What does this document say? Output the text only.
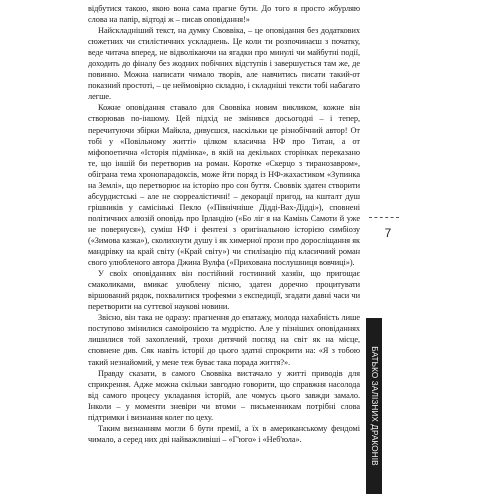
відбутися такою, якою вона сама прагне бути. До того я просто жбурляю слова на папір, відтоді ж – писав оповідання!»

Найскладніший текст, на думку Своввіка, – це оповідання без додаткових сюжетних чи стилістичних ускладнень. Це коли ти розпочинаєш з початку, веде читача вперед, не відволікаючи на ягадки про минулі чи майбутні події, доходить до фіналу без жодних побічних відступів і завершується там же, де повинно. Можна написати чимало творів, але навчитись писати такий-от показний простоті, – це неймовірно складно, і складніші тексти тобі набагато легше.

Кожне оповідання ставало для Своввіка новим викликом, кожне він створював по-іншому. Цей підхід не змінився досьогодні – і тепер, перечитуючи збірки Майкла, дивуєшся, наскільки це різнобічний автор! От тобі у «Повільному житті» цілком класична НФ про Титан, а от міфопоетична «Історія підмінка», в якій на декількох сторінках переказано те, що іншій би перетворив на роман. Коротке «Скерцо з тиранозавром», обіграна тема хронопарадоксів, може йти поряд із НФ-жахастиком «Зупинка на Землі», що перетворює на історію про сон буття. Своввік здатен створити абсурдистські – але не сюрреалістичні! – декорації пригод, на кшталт душ грішників у самісінькі Пекло («Північніше Дідді-Вах-Дідді»), сповнені політичних алюзій оповідь про Ірландію («Бо ліг я на Камінь Самоти й уже не повернуся»), суміш НФ і фентезі з оригінальною історією симбіозу («Зимова казка»), сколихнути душу і як химерної прози про доросліщання як мандрівку на край світу («Край світу») чи стилізацію під класичний роман свого улюбленого автора Джина Вулфа («Прихована послушниця вовчиці»).

У своїх оповіданнях він постійний гостинний хазяїн, що пригощає смаколиками, вмикає улюблену пісню, здатен доречно процитувати віршований рядок, похвалитися трофеями з експедиції, згадати давні часи чи перетворити на суттєвої наукові новини.

Звісно, він така не одразу: прагнення до епатажу, молода нахабність лише поступово змінилися самоіронією та мудрістю. Але у пізніших оповіданнях лишилися той захоплений, трохи дитячий погляд на світ як на місце, сповнене див. Сяк навіть історії до цього здатні спрокрити на: «Я з тобою такий незнайомий, у мене теж буває така порада життя?».

Правду сказати, в самого Своввіка вистачало у житті приводів для сприкрення. Адже можна скільки завгодно говорити, що справжня насолода від самого процесу укладання історій, але чомусь цього завжди замало. Інколи – у моменти зневіри чи втоми – письменникам потрібні слова підтримки і визнання колег по цеху.

Таким визнанням могли б бути премії, а їх в американському фендомі чимало, а серед них дві найважливіші – «Г'юго» і «Неб'юла».

7
БАТЬКО ЗАЛІЗНИХ ДРАКОНІВ
